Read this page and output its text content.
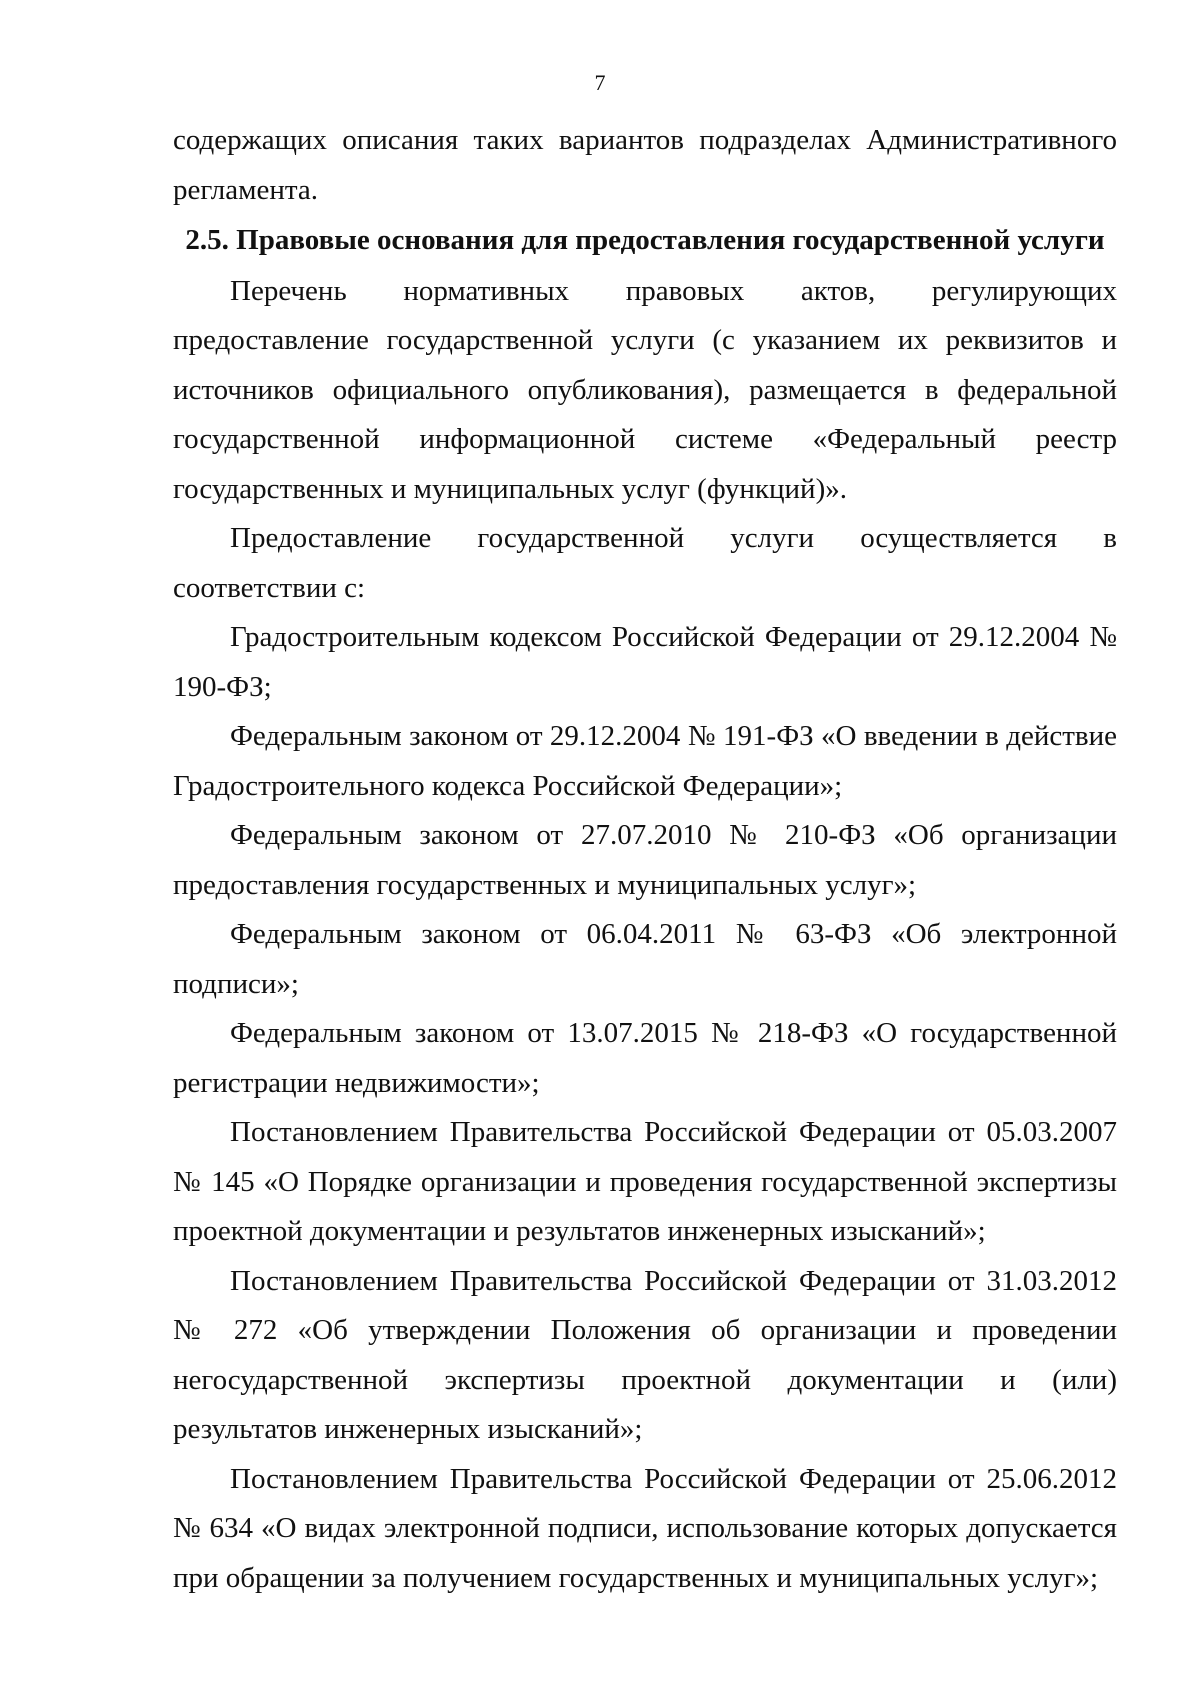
7

содержащих описания таких вариантов подразделах Административного регламента.

2.5. Правовые основания для предоставления государственной услуги

Перечень нормативных правовых актов, регулирующих предоставление государственной услуги (с указанием их реквизитов и источников официального опубликования), размещается в федеральной государственной информационной системе «Федеральный реестр государственных и муниципальных услуг (функций)».

Предоставление государственной услуги осуществляется в соответствии с:

Градостроительным кодексом Российской Федерации от 29.12.2004 № 190-ФЗ;

Федеральным законом от 29.12.2004 № 191-ФЗ «О введении в действие Градостроительного кодекса Российской Федерации»;

Федеральным законом от 27.07.2010 № 210-ФЗ «Об организации предоставления государственных и муниципальных услуг»;

Федеральным законом от 06.04.2011 № 63-ФЗ «Об электронной подписи»;

Федеральным законом от 13.07.2015 № 218-ФЗ «О государственной регистрации недвижимости»;

Постановлением Правительства Российской Федерации от 05.03.2007 № 145 «О Порядке организации и проведения государственной экспертизы проектной документации и результатов инженерных изысканий»;

Постановлением Правительства Российской Федерации от 31.03.2012 № 272 «Об утверждении Положения об организации и проведении негосударственной экспертизы проектной документации и (или) результатов инженерных изысканий»;

Постановлением Правительства Российской Федерации от 25.06.2012 № 634 «О видах электронной подписи, использование которых допускается при обращении за получением государственных и муниципальных услуг»;
